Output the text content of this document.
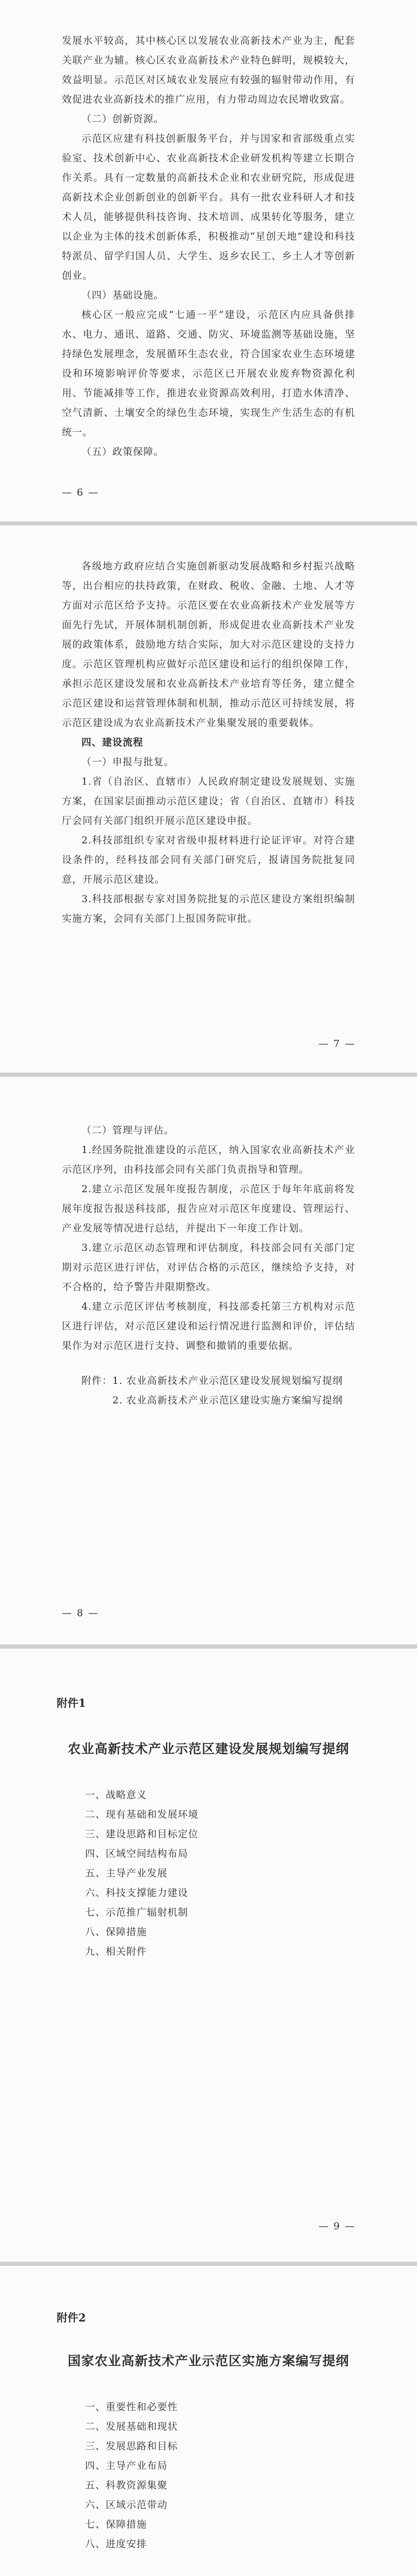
发展水平较高，其中核心区以发展农业高新技术产业为主，配套关联产业为辅。核心区农业高新技术产业特色鲜明，规模较大，效益明显。示范区对区域农业发展应有较强的辐射带动作用，有效促进农业高新技术的推广应用，有力带动周边农民增收致富。

（二）创新资源。

示范区应建有科技创新服务平台，并与国家和省部级重点实验室、技术创新中心、农业高新技术企业研发机构等建立长期合作关系。具有一定数量的高新技术企业和农业研究院，形成促进高新技术企业创新创业的创新平台。具有一批农业科研人才和技术人员，能够提供科技咨询、技术培训、成果转化等服务，建立以企业为主体的技术创新体系，积极推动“星创天地”建设和科技特派员、留学归国人员、大学生、返乡农民工、乡土人才等创新创业。

（四）基础设施。

核心区一般应完成“七通一平”建设，示范区内应具备供排水、电力、通讯、道路、交通、防灾、环境监测等基础设施，坚持绿色发展理念，发展循环生态农业，符合国家农业生态环境建设和环境影响评价等要求，示范区已开展农业废弃物资源化利用、节能减排等工作，推进农业资源高效利用，打造水体清净、空气清新、土壤安全的绿色生态环境，实现生产生活生态的有机统一。

（五）政策保障。

— 6 —

各级地方政府应结合实施创新驱动发展战略和乡村振兴战略等，出台相应的扶持政策，在财政、税收、金融、土地、人才等方面对示范区给予支持。示范区要在农业高新技术产业发展等方面先行先试，开展体制机制创新，形成促进农业高新技术产业发展的政策体系，鼓励地方结合实际，加大对示范区建设的支持力度。示范区管理机构应做好示范区建设和运行的组织保障工作，承担示范区建设发展和农业高新技术产业培育等任务，建立健全示范区建设和运营管理体制和机制，推动示范区可持续发展，将示范区建设成为农业高新技术产业集聚发展的重要载体。

四、建设流程

（一）申报与批复。

1.省（自治区、直辖市）人民政府制定建设发展规划、实施方案，在国家层面推动示范区建设；省（自治区、直辖市）科技厅会同有关部门组织开展示范区建设申报。

2.科技部组织专家对省级申报材料进行论证评审。对符合建设条件的，经科技部会同有关部门研究后，报请国务院批复同意，开展示范区建设。

3.科技部根据专家对国务院批复的示范区建设方案组织编制实施方案，会同有关部门上报国务院审批。

— 7 —

（二）管理与评估。

1.经国务院批准建设的示范区，纳入国家农业高新技术产业示范区序列，由科技部会同有关部门负责指导和管理。

2.建立示范区发展年度报告制度，示范区于每年年底前将发展年度报告报送科技部，报告应对示范区年度建设、管理运行、产业发展等情况进行总结，并提出下一年度工作计划。

3.建立示范区动态管理和评估制度，科技部会同有关部门定期对示范区进行评估，对评估合格的示范区，继续给予支持，对不合格的，给予警告并限期整改。

4.建立示范区评估考核制度，科技部委托第三方机构对示范区进行评估，对示范区建设和运行情况进行监测和评价，评估结果作为对示范区进行支持、调整和撤销的重要依据。

附件：1. 农业高新技术产业示范区建设发展规划编写提纲

2. 农业高新技术产业示范区建设实施方案编写提纲

— 8 —
附件1
农业高新技术产业示范区建设发展规划编写提纲
一、战略意义
二、现有基础和发展环境
三、建设思路和目标定位
四、区域空间结构布局
五、主导产业发展
六、科技支撑能力建设
七、示范推广辐射机制
八、保障措施
九、相关附件
— 9 —
附件2
国家农业高新技术产业示范区实施方案编写提纲
一、重要性和必要性
二、发展基础和现状
三、发展思路和目标
四、主导产业布局
五、科教资源集聚
六、区域示范带动
七、保障措施
八、进度安排
